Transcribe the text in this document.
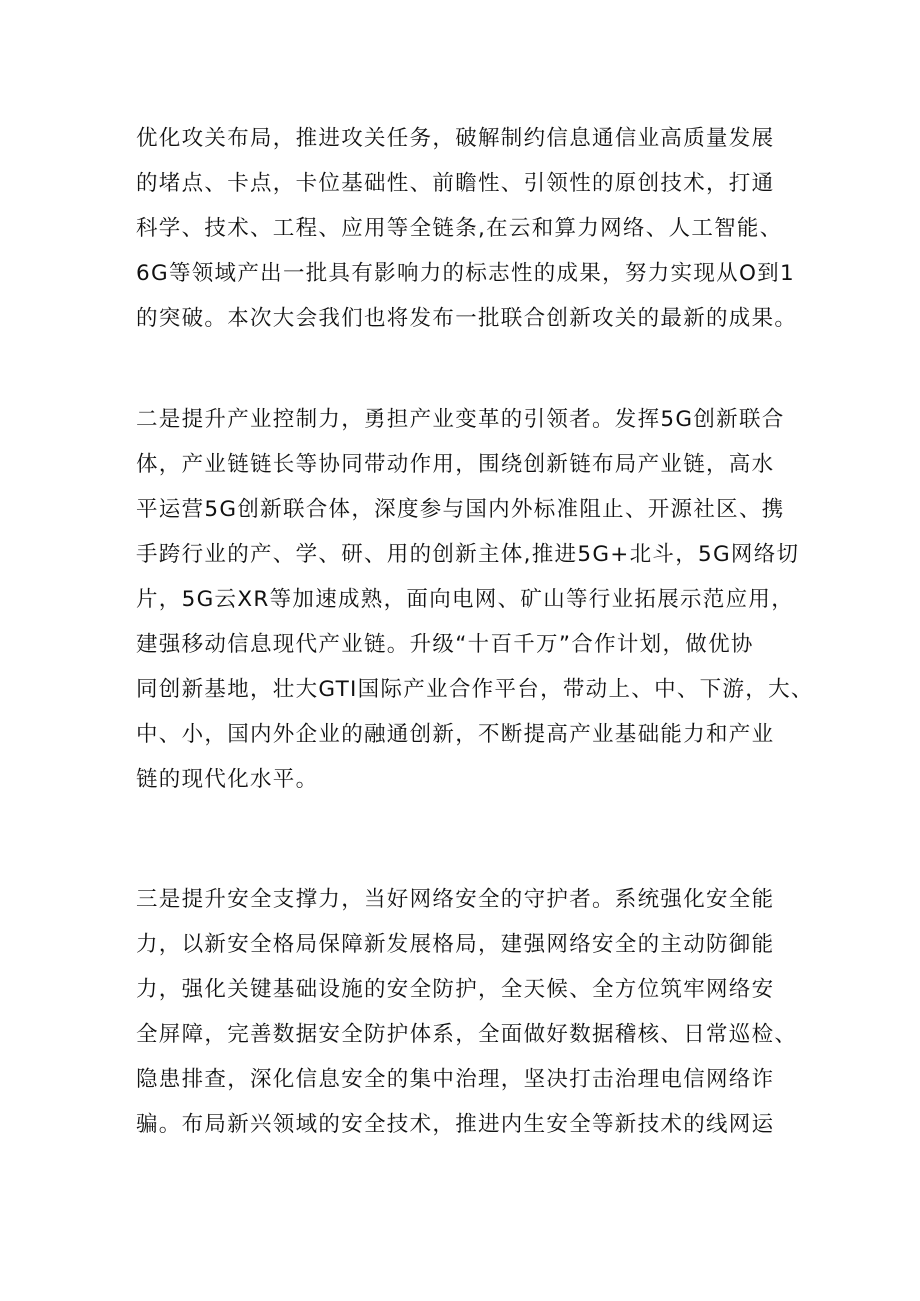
优化攻关布局，推进攻关任务，破解制约信息通信业高质量发展
的堵点、卡点，卡位基础性、前瞻性、引领性的原创技术，打通
科学、技术、工程、应用等全链条,在云和算力网络、人工智能、
6G等领域产出一批具有影响力的标志性的成果，努力实现从O到1
的突破。本次大会我们也将发布一批联合创新攻关的最新的成果。
二是提升产业控制力，勇担产业变革的引领者。发挥5G创新联合
体，产业链链长等协同带动作用，围绕创新链布局产业链，高水
平运营5G创新联合体，深度参与国内外标准阻止、开源社区、携
手跨行业的产、学、研、用的创新主体,推进5G+北斗，5G网络切
片，5G云XR等加速成熟，面向电网、矿山等行业拓展示范应用，
建强移动信息现代产业链。升级“十百千万”合作计划，做优协
同创新基地，壮大GTI国际产业合作平台，带动上、中、下游，大、
中、小，国内外企业的融通创新，不断提高产业基础能力和产业
链的现代化水平。
三是提升安全支撑力，当好网络安全的守护者。系统强化安全能
力，以新安全格局保障新发展格局，建强网络安全的主动防御能
力，强化关键基础设施的安全防护，全天候、全方位筑牢网络安
全屏障，完善数据安全防护体系，全面做好数据稽核、日常巡检、
隐患排查，深化信息安全的集中治理，坚决打击治理电信网络诈
骗。布局新兴领域的安全技术，推进内生安全等新技术的线网运
